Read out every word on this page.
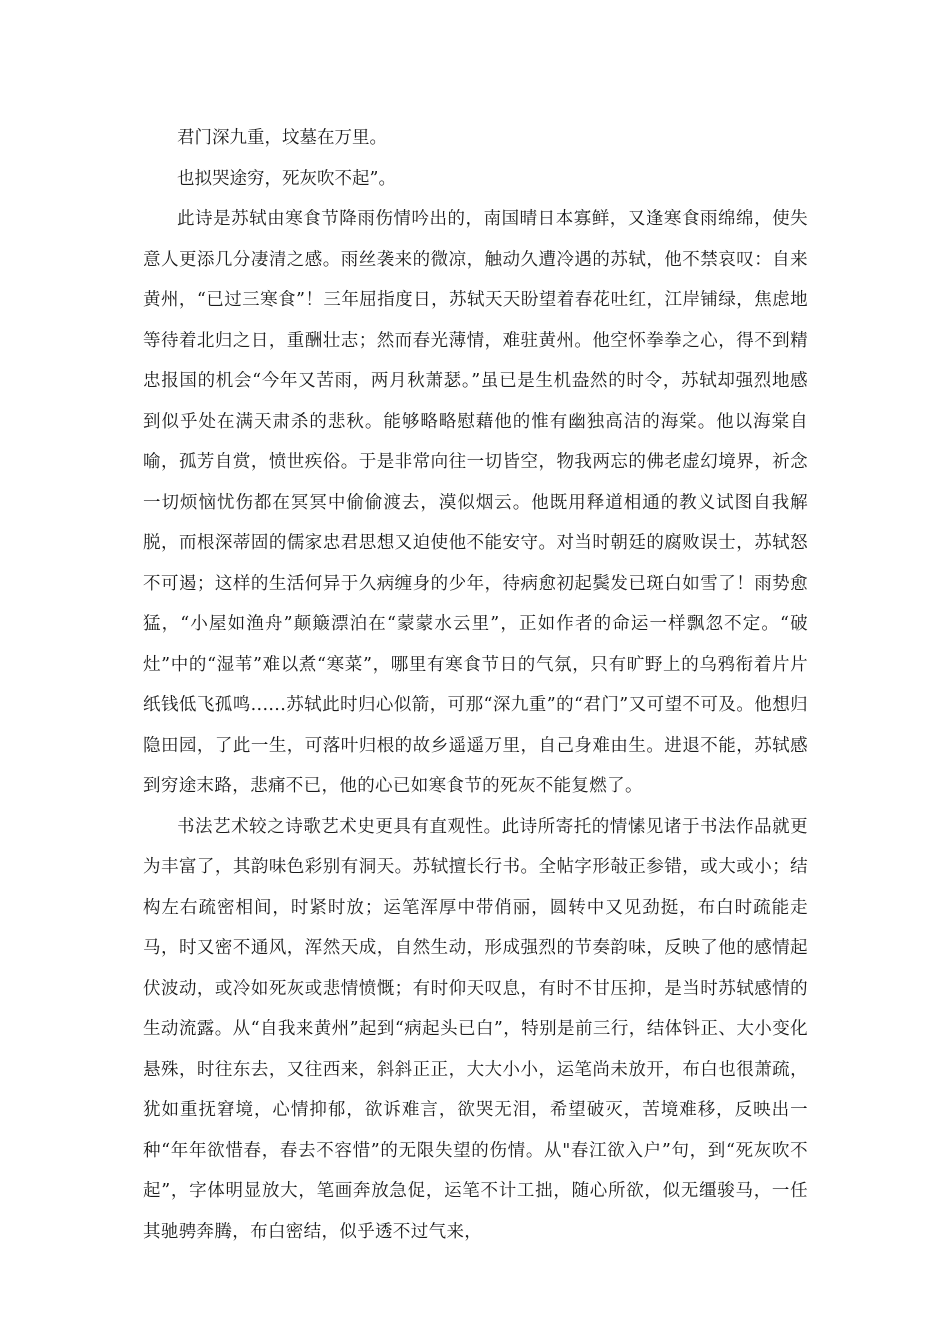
君门深九重，坟墓在万里。

也拟哭途穷，死灰吹不起”。

此诗是苏轼由寒食节降雨伤情吟出的，南国晴日本寡鲜，又逢寒食雨绵绵，使失意人更添几分凄清之感。雨丝袭来的微凉，触动久遭冷遇的苏轼，他不禁哀叹：自来黄州，“已过三寒食”！三年屈指度日，苏轼天天盼望着春花吐红，江岸铺绿，焦虑地等待着北归之日，重酬壮志；然而春光薄情，难驻黄州。他空怀拳拳之心，得不到精忠报国的机会“今年又苦雨，两月秋萧瑟。”虽已是生机盎然的时令，苏轼却强烈地感到似乎处在满天肃杀的悲秋。能够略略慰藉他的惟有幽独高洁的海棠。他以海棠自喻，孤芳自赏，愤世疾俗。于是非常向往一切皆空，物我两忘的佛老虚幻境界，祈念一切烦恼忧伤都在冥冥中偷偷渡去，漠似烟云。他既用释道相通的教义试图自我解脱，而根深蒂固的儒家忠君思想又迫使他不能安守。对当时朝廷的腐败误士，苏轼怒不可遏；这样的生活何异于久病缠身的少年，待病愈初起鬓发已斑白如雪了！雨势愈猛，“小屋如渔舟”颠簸漂泊在“蒙蒙水云里”，正如作者的命运一样飘忽不定。“破灶”中的“湿苇”难以煮“寒菜”，哪里有寒食节日的气氛，只有旷野上的乌鸦衔着片片纸钱低飞孤鸣......苏轼此时归心似箭，可那“深九重”的“君门”又可望不可及。他想归隐田园，了此一生，可落叶归根的故乡遥遥万里，自己身难由生。进退不能，苏轼感到穷途末路，悲痛不已，他的心已如寒食节的死灰不能复燃了。

书法艺术较之诗歌艺术史更具有直观性。此诗所寄托的情愫见诸于书法作品就更为丰富了，其韵味色彩别有洞天。苏轼擅长行书。全帖字形敧正参错，或大或小；结构左右疏密相间，时紧时放；运笔浑厚中带俏丽，圆转中又见劲挺，布白时疏能走马，时又密不通风，浑然天成，自然生动，形成强烈的节奏韵味，反映了他的感情起伏波动，或冷如死灰或悲情愤慨；有时仰天叹息，有时不甘压抑，是当时苏轼感情的生动流露。从“自我来黄州”起到“病起头已白”，特别是前三行，结体钭正、大小变化悬殊，时往东去，又往西来，斜斜正正，大大小小，运笔尚未放开，布白也很萧疏，犹如重抚窘境，心情抑郁，欲诉难言，欲哭无泪，希望破灭，苦境难移，反映出一种“年年欲惜春，春去不容惜”的无限失望的伤情。从"春江欲入户”句，到“死灰吹不起”，字体明显放大，笔画奔放急促，运笔不计工拙，随心所欲，似无缰骏马，一任其驰骋奔腾，布白密结，似乎透不过气来，
